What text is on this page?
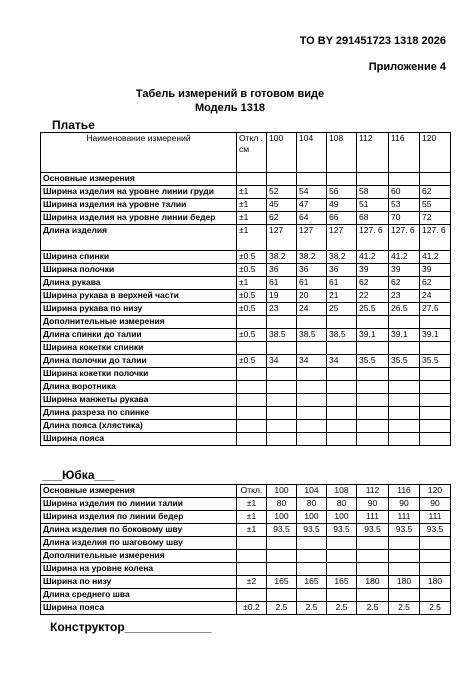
ТО BY 291451723 1318 2026
Приложение 4
Табель измерений в готовом виде
Модель 1318
Платье
Наименование измерений	Откл . см	100	104	108	112	116	120
Основные измерения							
Ширина изделия на уровне линии груди	±1	52	54	56	58	60	62
Ширина изделия на уровне талии	±1	45	47	49	51	53	55
Ширина изделия на уровне линии бедер	±1	62	64	66	68	70	72
Длина изделия	±1	127	127	127	127. 6	127. 6	127. 6
Ширина спинки	±0.5	38.2	38.2	38.2	41.2	41.2	41.2
Ширина полочки	±0.5	36	36	36	39	39	39
Длина рукава	±1	61	61	61	62	62	62
Ширина рукава в верхней части	±0.5	19	20	21	22	23	24
Ширина рукава по низу	±0.5	23	24	25	25.5	26.5	27.5
Дополнительные измерения							
Длина спинки до талии	±0.5	38.5	38.5	38.5	39.1	39.1	39.1
Ширина кокетки спинки							
Длина полочки до талии	±0.5	34	34	34	35.5	35.5	35.5
Ширина кокетки полочки							
Длина воротника							
Ширина манжеты рукава							
Длина разреза по спинке							
Длина пояса (хлястика)							
Ширина пояса							
___Юбка___
Основные измерения	Откл.	100	104	108	112	116	120
Ширина изделия по линии талии	±1	80	80	80	90	90	90
Ширина изделия по линии бедер	±1	100	100	100	111	111	111
Длина изделия по боковому шву	±1	93.5	93.5	93.5	93.5	93.5	93.5
Длина изделия по шаговому шву							
Дополнительные измерения							
Ширина на уровне колена							
Ширина по низу	±2	165	165	165	180	180	180
Длина среднего шва							
Ширина пояса	±0.2	2.5	2.5	2.5	2.5	2.5	2.5
Конструктор_____________
